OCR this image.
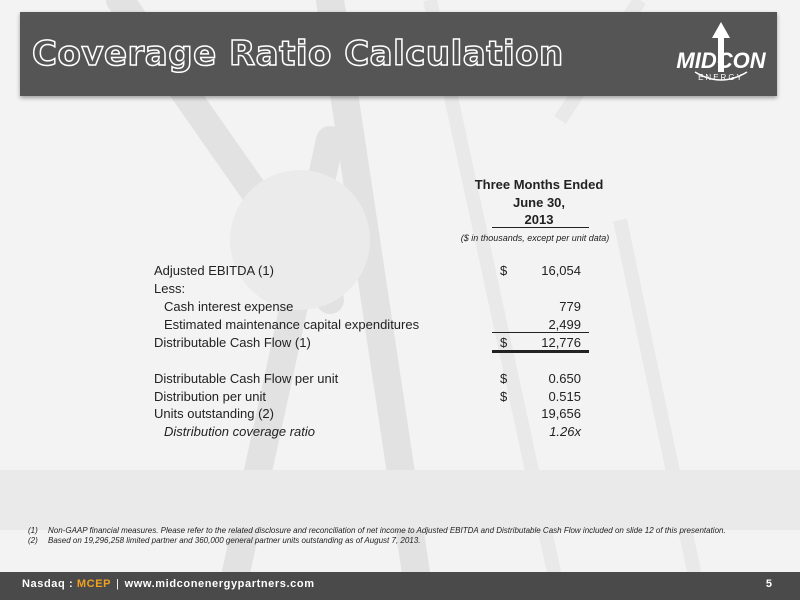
Coverage Ratio Calculation	MIDCON
ENERGY
Three Months Ended
June 30,
2013
($ in thousands, except per unit data)
Adjusted EBITDA (1)	$	16,054
Less:
Cash interest expense	779
Estimated maintenance capital expenditures	2,499
Distributable Cash Flow (1)	$	12,776
Distributable Cash Flow per unit	$	0.650
Distribution per unit	$	0.515
Units outstanding (2)	19,656
Distribution coverage ratio	1.26x
(1) Non-GAAP financial measures. Please refer to the related disclosure and reconciliation of net income to Adjusted EBITDA and Distributable Cash Flow included on slide 12 of this presentation.
(2) Based on 19,296,258 limited partner and 360,000 general partner units outstanding as of August 7, 2013.
Nasdaq : MCEP | www.midconenergypartners.com	5
